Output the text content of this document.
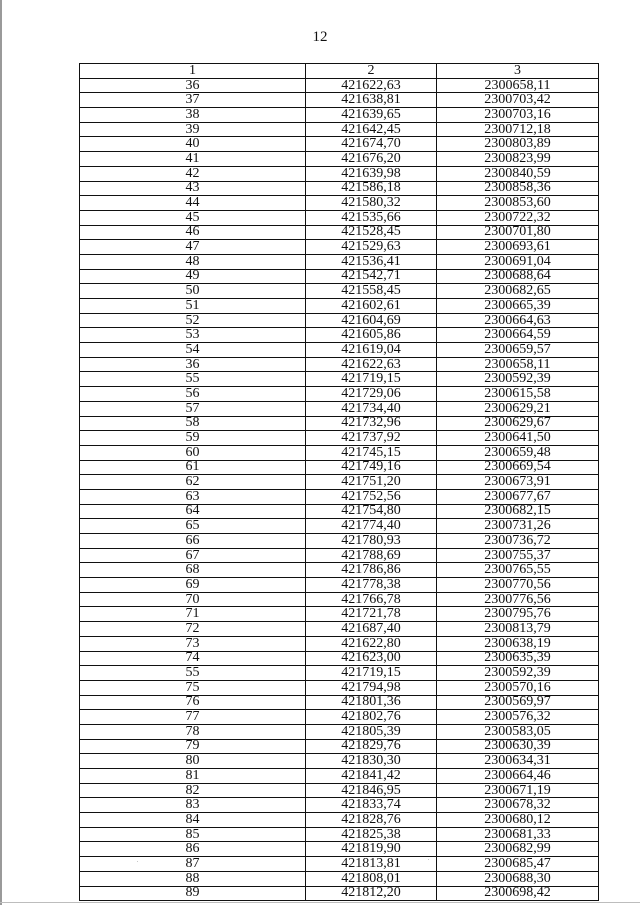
12
1	2	3
36	421622,63	2300658,11
37	421638,81	2300703,42
38	421639,65	2300703,16
39	421642,45	2300712,18
40	421674,70	2300803,89
41	421676,20	2300823,99
42	421639,98	2300840,59
43	421586,18	2300858,36
44	421580,32	2300853,60
45	421535,66	2300722,32
46	421528,45	2300701,80
47	421529,63	2300693,61
48	421536,41	2300691,04
49	421542,71	2300688,64
50	421558,45	2300682,65
51	421602,61	2300665,39
52	421604,69	2300664,63
53	421605,86	2300664,59
54	421619,04	2300659,57
36	421622,63	2300658,11
55	421719,15	2300592,39
56	421729,06	2300615,58
57	421734,40	2300629,21
58	421732,96	2300629,67
59	421737,92	2300641,50
60	421745,15	2300659,48
61	421749,16	2300669,54
62	421751,20	2300673,91
63	421752,56	2300677,67
64	421754,80	2300682,15
65	421774,40	2300731,26
66	421780,93	2300736,72
67	421788,69	2300755,37
68	421786,86	2300765,55
69	421778,38	2300770,56
70	421766,78	2300776,56
71	421721,78	2300795,76
72	421687,40	2300813,79
73	421622,80	2300638,19
74	421623,00	2300635,39
55	421719,15	2300592,39
75	421794,98	2300570,16
76	421801,36	2300569,97
77	421802,76	2300576,32
78	421805,39	2300583,05
79	421829,76	2300630,39
80	421830,30	2300634,31
81	421841,42	2300664,46
82	421846,95	2300671,19
83	421833,74	2300678,32
84	421828,76	2300680,12
85	421825,38	2300681,33
86	421819,90	2300682,99
87	421813,81	2300685,47
88	421808,01	2300688,30
89	421812,20	2300698,42
